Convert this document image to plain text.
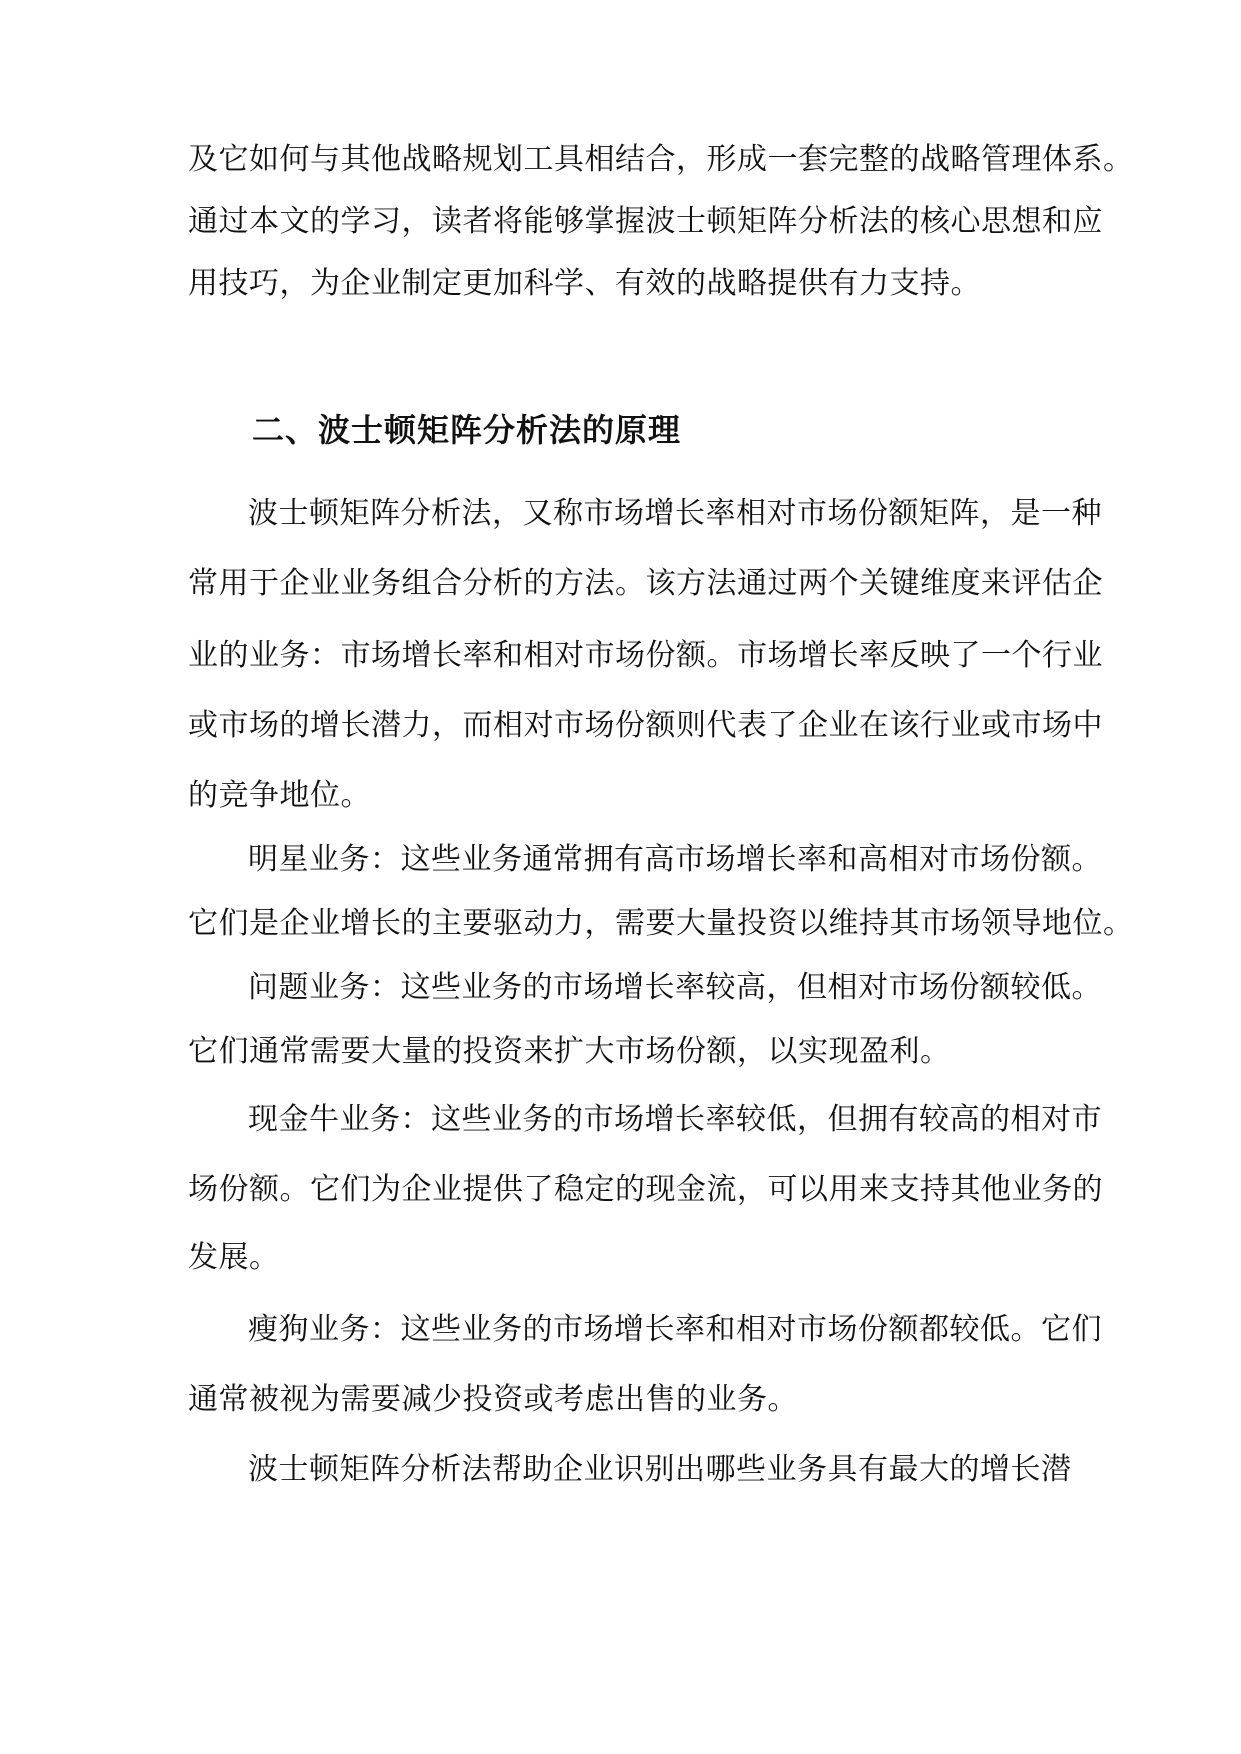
及它如何与其他战略规划工具相结合，形成一套完整的战略管理体系。
通过本文的学习，读者将能够掌握波士顿矩阵分析法的核心思想和应
用技巧，为企业制定更加科学、有效的战略提供有力支持。
二、波士顿矩阵分析法的原理
波士顿矩阵分析法，又称市场增长率相对市场份额矩阵，是一种
常用于企业业务组合分析的方法。该方法通过两个关键维度来评估企
业的业务：市场增长率和相对市场份额。市场增长率反映了一个行业
或市场的增长潜力，而相对市场份额则代表了企业在该行业或市场中
的竞争地位。
明星业务：这些业务通常拥有高市场增长率和高相对市场份额。
它们是企业增长的主要驱动力，需要大量投资以维持其市场领导地位。
问题业务：这些业务的市场增长率较高，但相对市场份额较低。
它们通常需要大量的投资来扩大市场份额，以实现盈利。
现金牛业务：这些业务的市场增长率较低，但拥有较高的相对市
场份额。它们为企业提供了稳定的现金流，可以用来支持其他业务的
发展。
瘦狗业务：这些业务的市场增长率和相对市场份额都较低。它们
通常被视为需要减少投资或考虑出售的业务。
波士顿矩阵分析法帮助企业识别出哪些业务具有最大的增长潜
